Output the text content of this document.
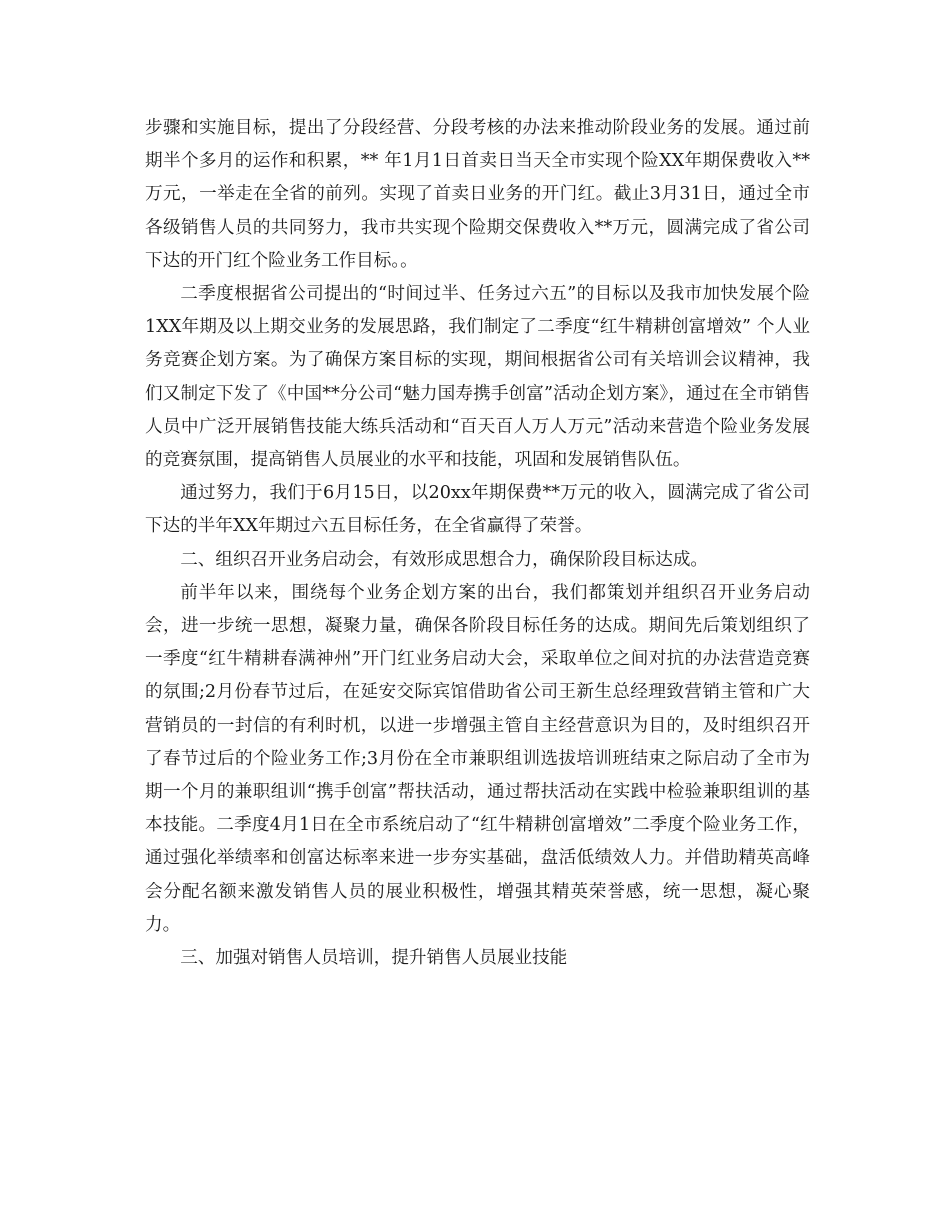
步骤和实施目标，提出了分段经营、分段考核的办法来推动阶段业务的发展。通过前期半个多月的运作和积累，** 年1月1日首卖日当天全市实现个险XX年期保费收入**万元，一举走在全省的前列。实现了首卖日业务的开门红。截止3月31日，通过全市各级销售人员的共同努力，我市共实现个险期交保费收入**万元，圆满完成了省公司下达的开门红个险业务工作目标。。

二季度根据省公司提出的“时间过半、任务过六五”的目标以及我市加快发展个险1XX年期及以上期交业务的发展思路，我们制定了二季度“红牛精耕创富增效” 个人业务竞赛企划方案。为了确保方案目标的实现，期间根据省公司有关培训会议精神，我们又制定下发了《中国**分公司“魅力国寿携手创富”活动企划方案》，通过在全市销售人员中广泛开展销售技能大练兵活动和“百天百人万人万元”活动来营造个险业务发展的竞赛氛围，提高销售人员展业的水平和技能，巩固和发展销售队伍。

通过努力，我们于6月15日，以20xx年期保费**万元的收入，圆满完成了省公司下达的半年XX年期过六五目标任务，在全省赢得了荣誉。

二、组织召开业务启动会，有效形成思想合力，确保阶段目标达成。

前半年以来，围绕每个业务企划方案的出台，我们都策划并组织召开业务启动会，进一步统一思想，凝聚力量，确保各阶段目标任务的达成。期间先后策划组织了一季度“红牛精耕春满神州”开门红业务启动大会，采取单位之间对抗的办法营造竞赛的氛围;2月份春节过后，在延安交际宾馆借助省公司王新生总经理致营销主管和广大营销员的一封信的有利时机，以进一步增强主管自主经营意识为目的，及时组织召开了春节过后的个险业务工作;3月份在全市兼职组训选拔培训班结束之际启动了全市为期一个月的兼职组训“携手创富”帮扶活动，通过帮扶活动在实践中检验兼职组训的基本技能。二季度4月1日在全市系统启动了“红牛精耕创富增效”二季度个险业务工作，通过强化举绩率和创富达标率来进一步夯实基础，盘活低绩效人力。并借助精英高峰会分配名额来激发销售人员的展业积极性，增强其精英荣誉感，统一思想，凝心聚力。

三、加强对销售人员培训，提升销售人员展业技能
